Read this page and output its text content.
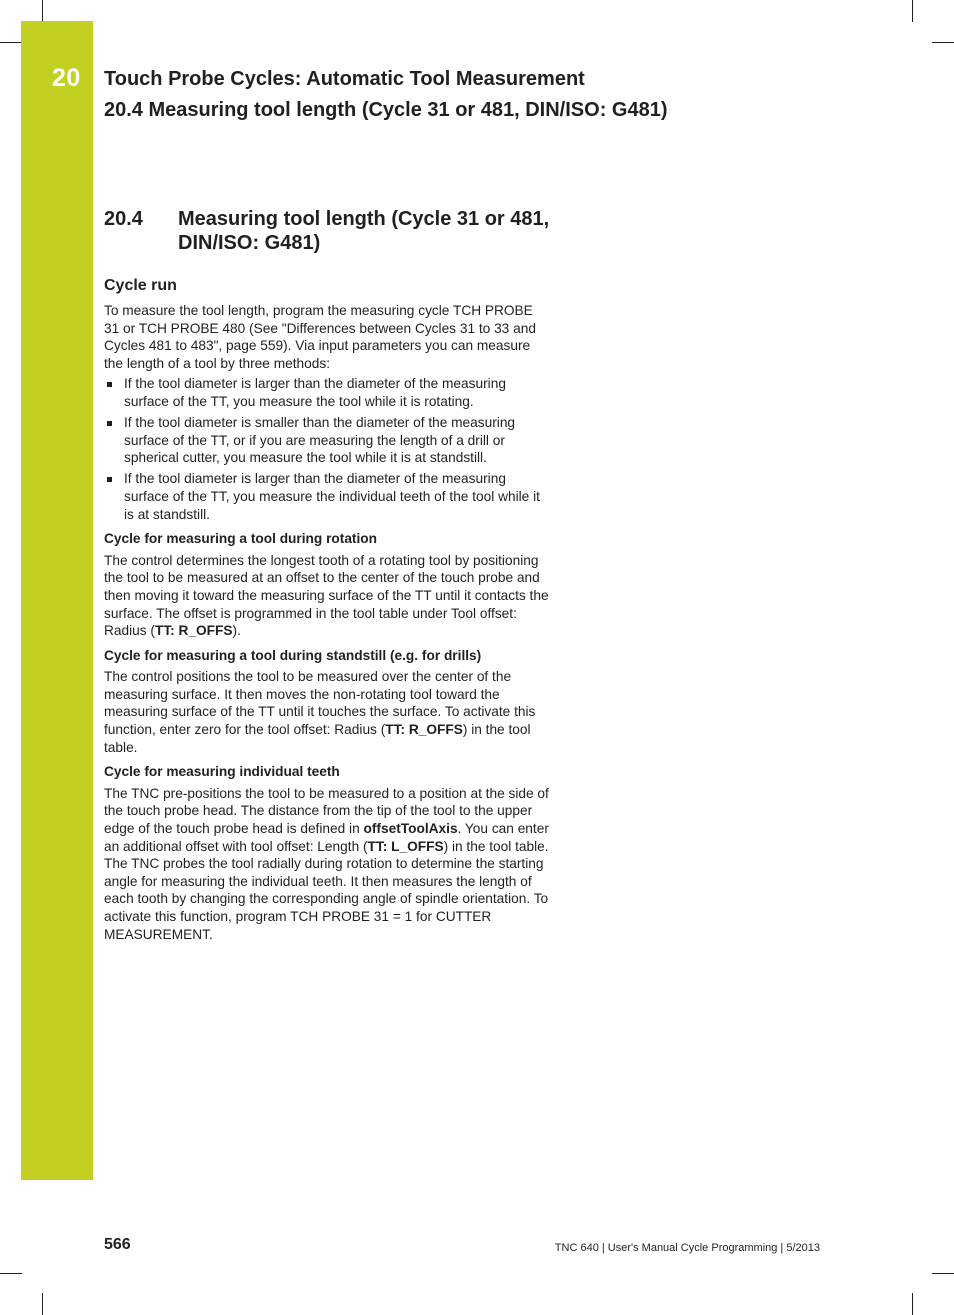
20 Touch Probe Cycles: Automatic Tool Measurement
20.4 Measuring tool length (Cycle 31 or 481, DIN/ISO: G481)
20.4 Measuring tool length (Cycle 31 or 481,
DIN/ISO: G481)
Cycle run

To measure the tool length, program the measuring cycle TCH PROBE 31 or TCH PROBE 480 (See "Differences between Cycles 31 to 33 and Cycles 481 to 483", page 559). Via input parameters you can measure the length of a tool by three methods:

If the tool diameter is larger than the diameter of the measuring surface of the TT, you measure the tool while it is rotating.
If the tool diameter is smaller than the diameter of the measuring surface of the TT, or if you are measuring the length of a drill or spherical cutter, you measure the tool while it is at standstill.
If the tool diameter is larger than the diameter of the measuring surface of the TT, you measure the individual teeth of the tool while it is at standstill.
Cycle for measuring a tool during rotation

The control determines the longest tooth of a rotating tool by positioning the tool to be measured at an offset to the center of the touch probe and then moving it toward the measuring surface of the TT until it contacts the surface. The offset is programmed in the tool table under Tool offset: Radius (TT: R_OFFS).

Cycle for measuring a tool during standstill (e.g. for drills)

The control positions the tool to be measured over the center of the measuring surface. It then moves the non-rotating tool toward the measuring surface of the TT until it touches the surface. To activate this function, enter zero for the tool offset: Radius (TT: R_OFFS) in the tool table.

Cycle for measuring individual teeth

The TNC pre-positions the tool to be measured to a position at the side of the touch probe head. The distance from the tip of the tool to the upper edge of the touch probe head is defined in offsetToolAxis. You can enter an additional offset with tool offset: Length (TT: L_OFFS) in the tool table. The TNC probes the tool radially during rotation to determine the starting angle for measuring the individual teeth. It then measures the length of each tooth by changing the corresponding angle of spindle orientation. To activate this function, program TCH PROBE 31 = 1 for CUTTER MEASUREMENT.

566	TNC 640 | User's Manual Cycle Programming | 5/2013
